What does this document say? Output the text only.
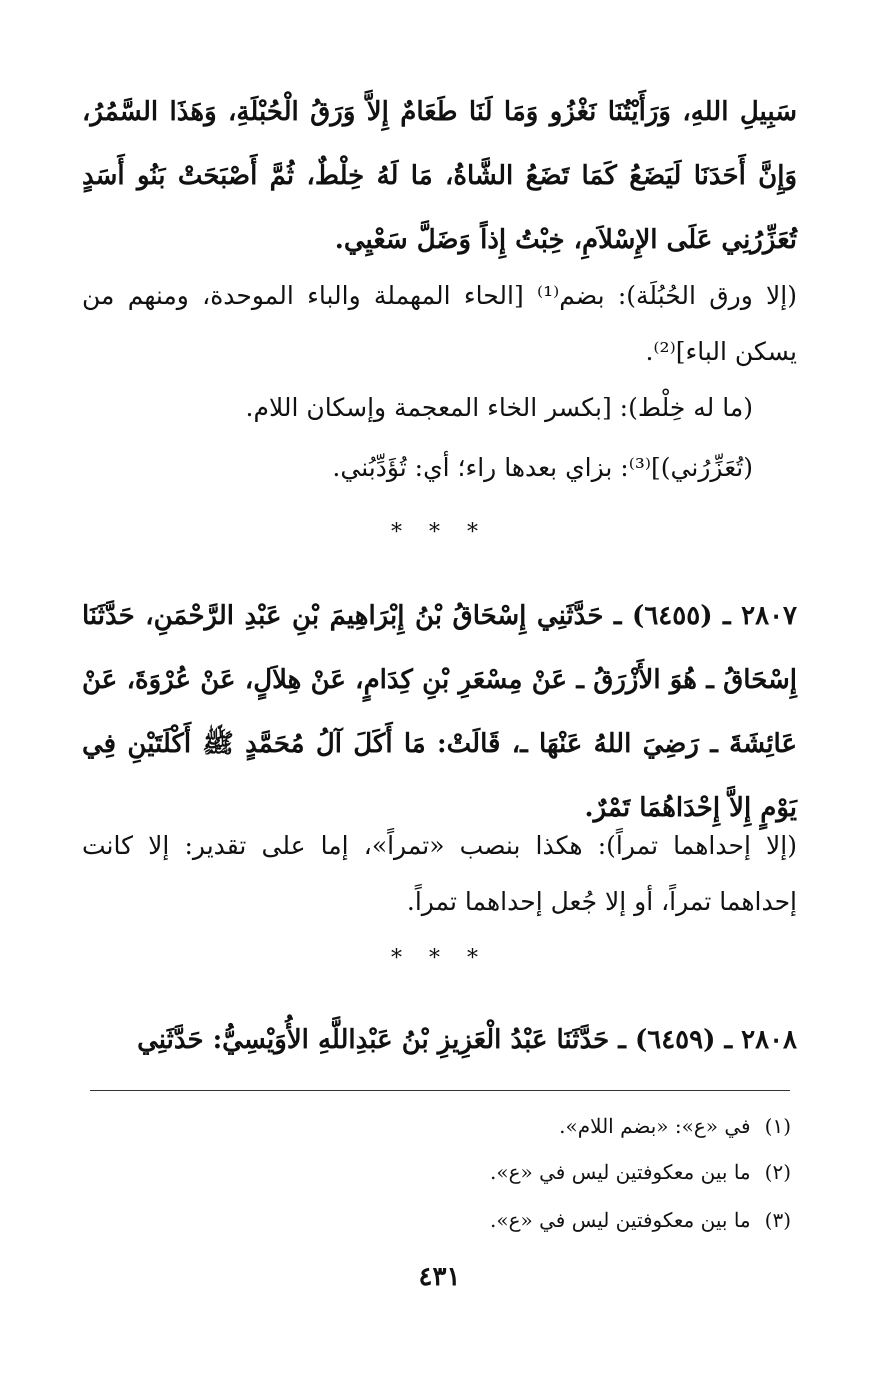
سَبِيلِ اللهِ، وَرَأَيْتُنَا نَغْزُو وَمَا لَنَا طَعَامٌ إِلاَّ وَرَقُ الْحُبْلَةِ، وَهَذَا السَّمُرُ، وَإِنَّ أَحَدَنَا لَيَضَعُ كَمَا تَضَعُ الشَّاةُ، مَا لَهُ خِلْطٌ، ثُمَّ أَصْبَحَتْ بَنُو أَسَدٍ تُعَزِّرُنِي عَلَى الإِسْلاَمِ، خِبْتُ إِذاً وَضَلَّ سَعْيِي.

(إلا ورق الحُبُلَة): بضم⁽¹⁾ [الحاء المهملة والباء الموحدة، ومنهم من يسكن الباء]⁽²⁾.

(ما له خِلْط): [بكسر الخاء المعجمة وإسكان اللام.

(تُعَزِّرُني)]⁽³⁾: بزاي بعدها راء؛ أي: تُؤَدِّبُني.

* * *

٢٨٠٧ ـ (٦٤٥٥) ـ حَدَّثَنِي إِسْحَاقُ بْنُ إِبْرَاهِيمَ بْنِ عَبْدِ الرَّحْمَنِ، حَدَّثَنَا إِسْحَاقُ ـ هُوَ الأَزْرَقُ ـ عَنْ مِسْعَرِ بْنِ كِدَامٍ، عَنْ هِلاَلٍ، عَنْ عُرْوَةَ، عَنْ عَائِشَةَ ـ رَضِيَ اللهُ عَنْهَا ـ، قَالَتْ: مَا أَكَلَ آلُ مُحَمَّدٍ ﷺ أَكْلَتَيْنِ فِي يَوْمٍ إِلاَّ إِحْدَاهُمَا تَمْرٌ.

(إلا إحداهما تمراً): هكذا بنصب «تمراً»، إما على تقدير: إلا كانت إحداهما تمراً، أو إلا جُعل إحداهما تمراً.

* * *

٢٨٠٨ ـ (٦٤٥٩) ـ حَدَّثَنَا عَبْدُ الْعَزِيزِ بْنُ عَبْدِاللَّهِ الأُوَيْسِيُّ: حَدَّثَنِي

(١)في «ع»: «بضم اللام».
(٢)ما بين معكوفتين ليس في «ع».
(٣)ما بين معكوفتين ليس في «ع».
٤٣١
